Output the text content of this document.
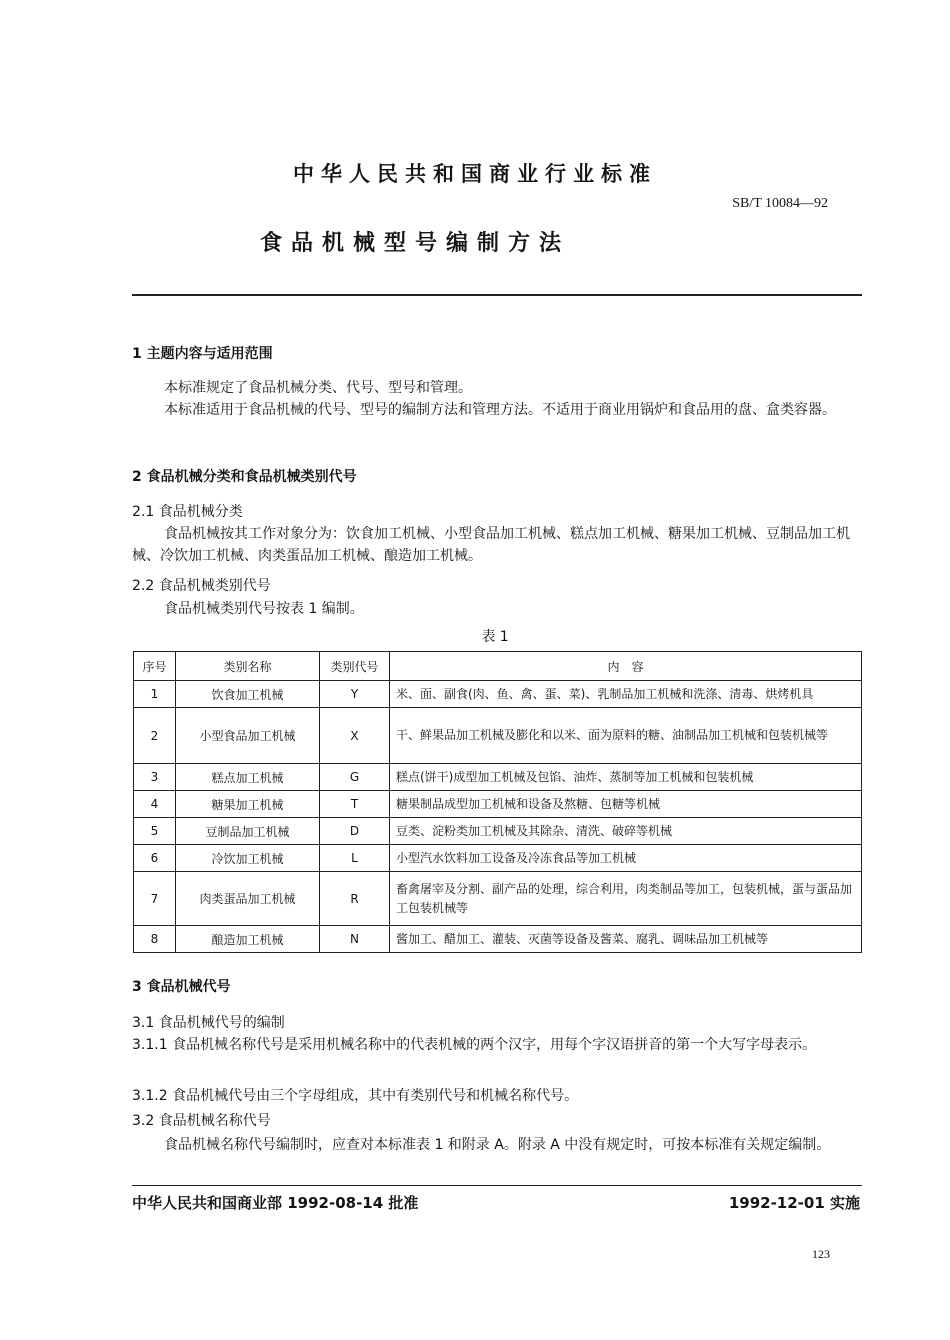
中华人民共和国商业行业标准
SB/T 10084—92
食品机械型号编制方法
1 主题内容与适用范围
本标准规定了食品机械分类、代号、型号和管理。
本标准适用于食品机械的代号、型号的编制方法和管理方法。不适用于商业用锅炉和食品用的盘、盒类容器。
2 食品机械分类和食品机械类别代号
2.1 食品机械分类
食品机械按其工作对象分为：饮食加工机械、小型食品加工机械、糕点加工机械、糖果加工机械、豆制品加工机械、冷饮加工机械、肉类蛋品加工机械、酿造加工机械。
2.2 食品机械类别代号
食品机械类别代号按表 1 编制。
表 1
序号	类别名称	类别代号	内　容
1	饮食加工机械	Y	米、面、副食(肉、鱼、禽、蛋、菜)、乳制品加工机械和洗涤、清毒、烘烤机具
2	小型食品加工机械	X	干、鲜果品加工机械及膨化和以米、面为原料的糖、油制品加工机械和包装机械等
3	糕点加工机械	G	糕点(饼干)成型加工机械及包馅、油炸、蒸制等加工机械和包装机械
4	糖果加工机械	T	糖果制品成型加工机械和设备及熬糖、包糖等机械
5	豆制品加工机械	D	豆类、淀粉类加工机械及其除杂、清洗、破碎等机械
6	冷饮加工机械	L	小型汽水饮料加工设备及冷冻食品等加工机械
7	肉类蛋品加工机械	R	畜禽屠宰及分割、副产品的处理，综合利用，肉类制品等加工，包装机械，蛋与蛋品加工包装机械等
8	酿造加工机械	N	酱加工、醋加工、灌装、灭菌等设备及酱菜、腐乳、调味品加工机械等
3 食品机械代号
3.1 食品机械代号的编制
3.1.1 食品机械名称代号是采用机械名称中的代表机械的两个汉字，用每个字汉语拼音的第一个大写字母表示。
3.1.2 食品机械代号由三个字母组成，其中有类别代号和机械名称代号。
3.2 食品机械名称代号
食品机械名称代号编制时，应查对本标准表 1 和附录 A。附录 A 中没有规定时，可按本标准有关规定编制。
中华人民共和国商业部 1992-08-14 批准	1992-12-01 实施
123
